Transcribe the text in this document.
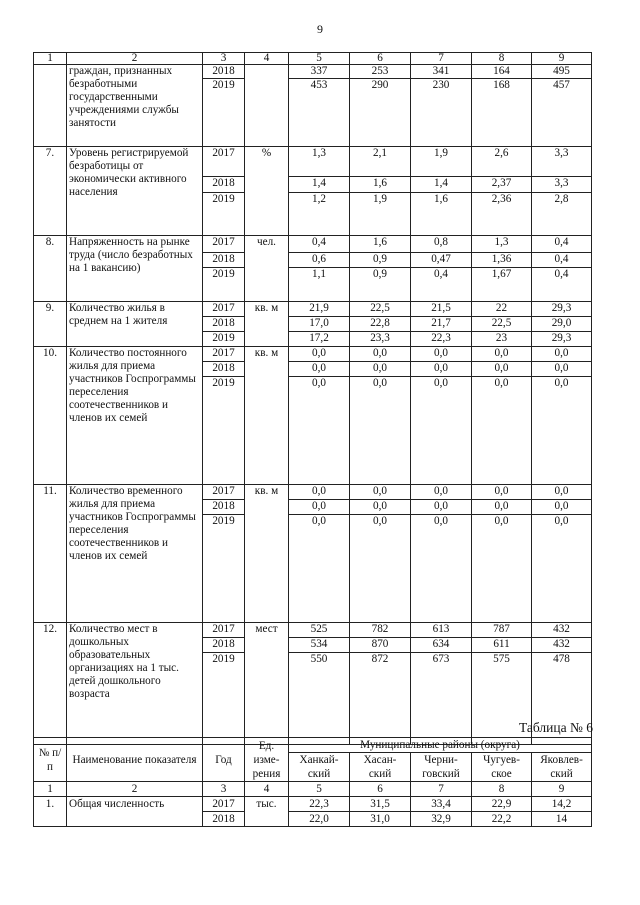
9
1	2	3	4	5	6	7	8	9
	граждан, признанных безработными государственными учреждениями службы занятости	2018		337	253	341	164	495
		2019		453	290	230	168	457
7.	Уровень регистрируемой безработицы от экономически активного населения	2017	%	1,3	2,1	1,9	2,6	3,3
		2018		1,4	1,6	1,4	2,37	3,3
		2019		1,2	1,9	1,6	2,36	2,8
8.	Напряженность на рынке труда (число безработных на 1 вакансию)	2017	чел.	0,4	1,6	0,8	1,3	0,4
		2018		0,6	0,9	0,47	1,36	0,4
		2019		1,1	0,9	0,4	1,67	0,4
9.	Количество жилья в среднем на 1 жителя	2017	кв. м	21,9	22,5	21,5	22	29,3
		2018		17,0	22,8	21,7	22,5	29,0
		2019		17,2	23,3	22,3	23	29,3
10.	Количество постоянного жилья для приема участников Госпрограммы переселения соотечественников и членов их семей	2017	кв. м	0,0	0,0	0,0	0,0	0,0
		2018		0,0	0,0	0,0	0,0	0,0
		2019		0,0	0,0	0,0	0,0	0,0
11.	Количество временного жилья для приема участников Госпрограммы переселения соотечественников и членов их семей	2017	кв. м	0,0	0,0	0,0	0,0	0,0
		2018		0,0	0,0	0,0	0,0	0,0
		2019		0,0	0,0	0,0	0,0	0,0
12.	Количество мест в дошкольных образовательных организациях на 1 тыс. детей дошкольного возраста	2017	мест	525	782	613	787	432
		2018		534	870	634	611	432
		2019		550	872	673	575	478
Таблица № 6
№ п/п	Наименование показателя	Год	Ед. изме- рения	Муниципальные районы (округа)				
				Ханкай- ский	Хасан- ский	Черни- говский	Чугуев- ское	Яковлев- ский
1	2	3	4	5	6	7	8	9
1.	Общая численность	2017	тыс.	22,3	31,5	33,4	22,9	14,2
		2018		22,0	31,0	32,9	22,2	14
